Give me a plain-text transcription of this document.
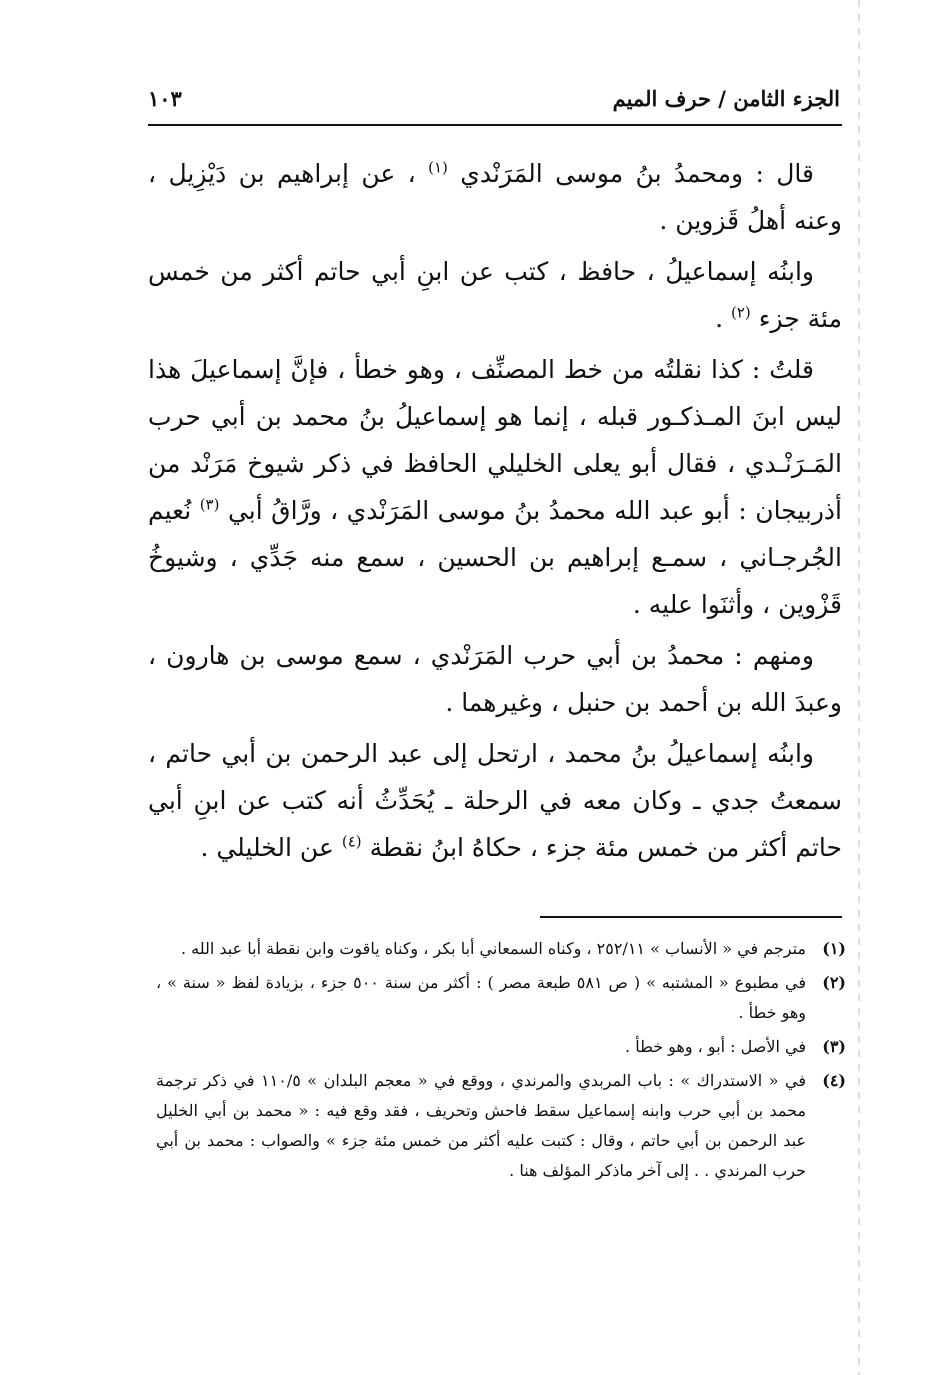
الجزء الثامن / حرف الميم
١٠٣

قال : ومحمدُ بنُ موسى المَرَنْدي $^{(١)}$ ، عن إبراهيم بن دَيْزِيل ، وعنه أهلُ قَزوين .

وابنُه إسماعيلُ ، حافظ ، كتب عن ابنِ أبي حاتم أكثر من خمس مئة جزء $^{(٢)}$ .

قلتُ : كذا نقلتُه من خط المصنِّف ، وهو خطأ ، فإنَّ إسماعيلَ هذا ليس ابنَ المـذكـور قبله ، إنما هو إسماعيلُ بنُ محمد بن أبي حرب المَـرَنْـدي ، فقال أبو يعلى الخليلي الحافظ في ذكر شيوخ مَرَنْد من أذربيجان : أبو عبد الله محمدُ بنُ موسى المَرَنْدي ، ورَّاقُ أبي $^{(٣)}$ نُعيم الجُرجـاني ، سمـع إبراهيم بن الحسين ، سمع منه جَدِّي ، وشيوخُ قَزْوين ، وأثنَوا عليه .

ومنهم : محمدُ بن أبي حرب المَرَنْدي ، سمع موسى بن هارون ، وعبدَ الله بن أحمد بن حنبل ، وغيرهما .

وابنُه إسماعيلُ بنُ محمد ، ارتحل إلى عبد الرحمن بن أبي حاتم ، سمعتُ جدي ـ وكان معه في الرحلة ـ يُحَدِّثُ أنه كتب عن ابنِ أبي حاتم أكثر من خمس مئة جزء ، حكاهُ ابنُ نقطة $^{(٤)}$ عن الخليلي .

(١)
مترجم في « الأنساب » ٢٥٢/١١ ، وكناه السمعاني أبا بكر ، وكناه ياقوت وابن نقطة أبا عبد الله .
(٢)
في مطبوع « المشتبه » ( ص ٥٨١ طبعة مصر ) : أكثر من سنة ٥٠٠ جزء ، بزيادة لفظ « سنة » ، وهو خطأ .
(٣)
في الأصل : أبو ، وهو خطأ .
(٤)
في « الاستدراك » : باب المربدي والمرندي ، ووقع في « معجم البلدان » ١١٠/٥ في ذكر ترجمة محمد بن أبي حرب وابنه إسماعيل سقط فاحش وتحريف ، فقد وقع فيه : « محمد بن أبي الخليل عبد الرحمن بن أبي حاتم ، وقال : كتبت عليه أكثر من خمس مئة جزء » والصواب : محمد بن أبي حرب المرندي . . إلى آخر ماذكر المؤلف هنا .
